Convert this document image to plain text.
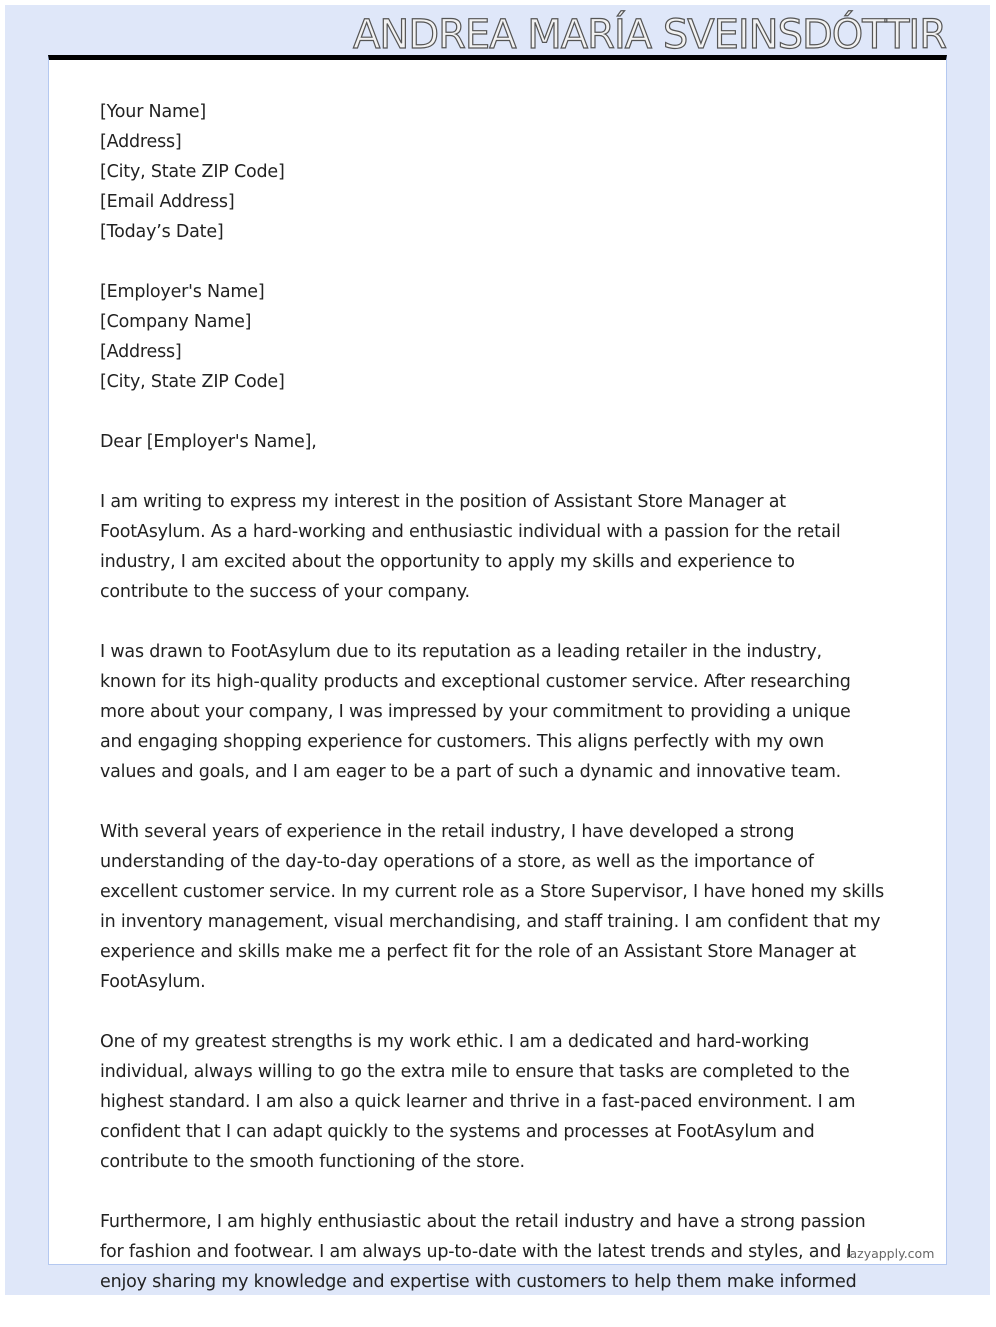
ANDREA MARÍA SVEINSDÓTTIR
[Your Name]
[Address]
[City, State ZIP Code]
[Email Address]
[Today’s Date]
[Employer's Name]
[Company Name]
[Address]
[City, State ZIP Code]
Dear [Employer's Name],
I am writing to express my interest in the position of Assistant Store Manager at
FootAsylum. As a hard-working and enthusiastic individual with a passion for the retail
industry, I am excited about the opportunity to apply my skills and experience to
contribute to the success of your company.
I was drawn to FootAsylum due to its reputation as a leading retailer in the industry,
known for its high-quality products and exceptional customer service. After researching
more about your company, I was impressed by your commitment to providing a unique
and engaging shopping experience for customers. This aligns perfectly with my own
values and goals, and I am eager to be a part of such a dynamic and innovative team.
With several years of experience in the retail industry, I have developed a strong
understanding of the day-to-day operations of a store, as well as the importance of
excellent customer service. In my current role as a Store Supervisor, I have honed my skills
in inventory management, visual merchandising, and staff training. I am confident that my
experience and skills make me a perfect fit for the role of an Assistant Store Manager at
FootAsylum.
One of my greatest strengths is my work ethic. I am a dedicated and hard-working
individual, always willing to go the extra mile to ensure that tasks are completed to the
highest standard. I am also a quick learner and thrive in a fast-paced environment. I am
confident that I can adapt quickly to the systems and processes at FootAsylum and
contribute to the smooth functioning of the store.
Furthermore, I am highly enthusiastic about the retail industry and have a strong passion
for fashion and footwear. I am always up-to-date with the latest trends and styles, and I
enjoy sharing my knowledge and expertise with customers to help them make informed
lazyapply.com
